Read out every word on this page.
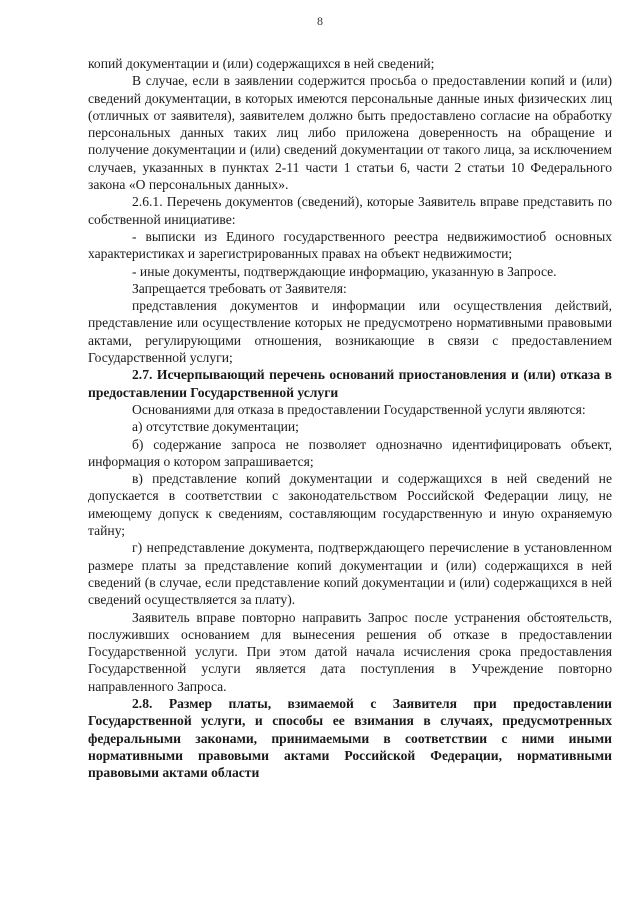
8

копий документации и (или) содержащихся в ней сведений;

В случае, если в заявлении содержится просьба о предоставлении копий и (или) сведений документации, в которых имеются персональные данные иных физических лиц (отличных от заявителя), заявителем должно быть предоставлено согласие на обработку персональных данных таких лиц либо приложена доверенность на обращение и получение документации и (или) сведений документации от такого лица, за исключением случаев, указанных в пунктах 2-11 части 1 статьи 6, части 2 статьи 10 Федерального закона «О персональных данных».

2.6.1. Перечень документов (сведений), которые Заявитель вправе представить по собственной инициативе:

- выписки из Единого государственного реестра недвижимостиоб основных характеристиках и зарегистрированных правах на объект недвижимости;

- иные документы, подтверждающие информацию, указанную в Запросе.

Запрещается требовать от Заявителя:

представления документов и информации или осуществления действий, представление или осуществление которых не предусмотрено нормативными правовыми актами, регулирующими отношения, возникающие в связи с предоставлением Государственной услуги;

2.7. Исчерпывающий перечень оснований приостановления и (или) отказа в предоставлении Государственной услуги

Основаниями для отказа в предоставлении Государственной услуги являются:

а) отсутствие документации;

б) содержание запроса не позволяет однозначно идентифицировать объект, информация о котором запрашивается;

в) представление копий документации и содержащихся в ней сведений не допускается в соответствии с законодательством Российской Федерации лицу, не имеющему допуск к сведениям, составляющим государственную и иную охраняемую тайну;

г) непредставление документа, подтверждающего перечисление в установленном размере платы за представление копий документации и (или) содержащихся в ней сведений (в случае, если представление копий документации и (или) содержащихся в ней сведений осуществляется за плату).

Заявитель вправе повторно направить Запрос после устранения обстоятельств, послуживших основанием для вынесения решения об отказе в предоставлении Государственной услуги. При этом датой начала исчисления срока предоставления Государственной услуги является дата поступления в Учреждение повторно направленного Запроса.

2.8. Размер платы, взимаемой с Заявителя при предоставлении Государственной услуги, и способы ее взимания в случаях, предусмотренных федеральными законами, принимаемыми в соответствии с ними иными нормативными правовыми актами Российской Федерации, нормативными правовыми актами области
